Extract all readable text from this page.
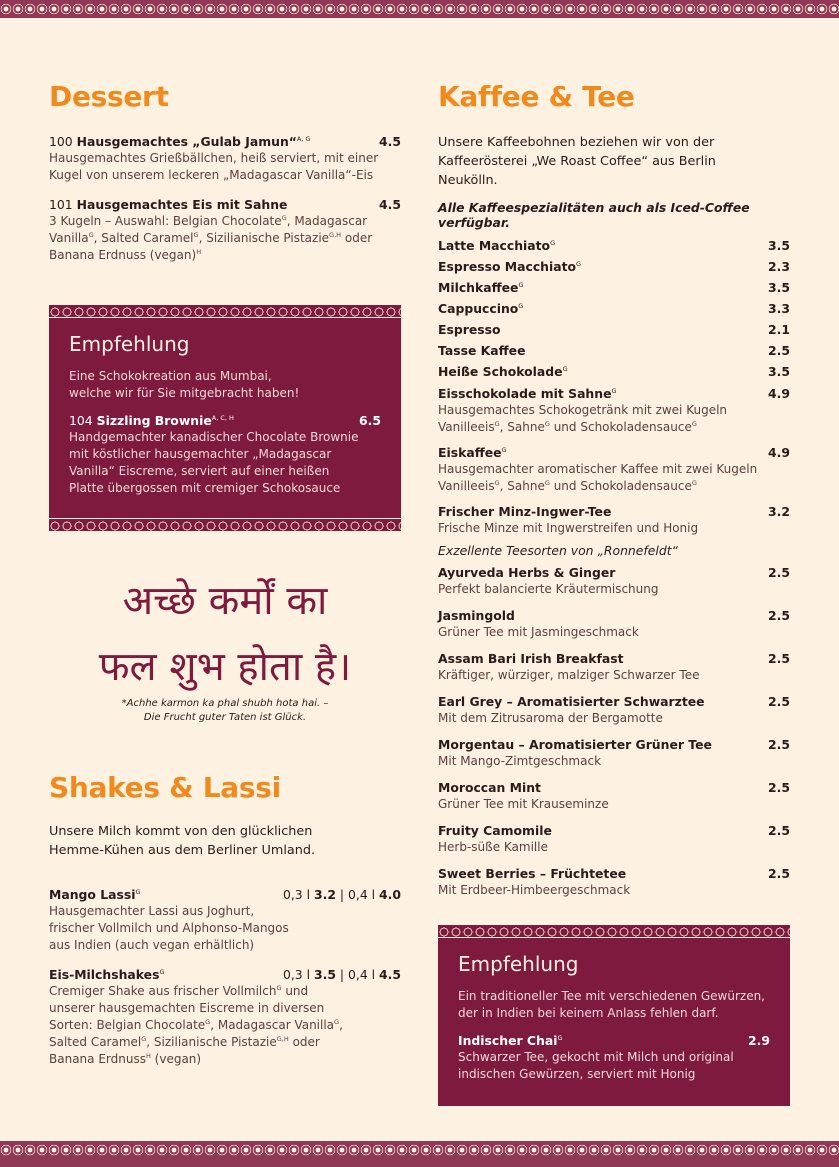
Dessert
100 Hausgemachtes „Gulab Jamun“$^{A, G}$	4.5
Hausgemachtes Grießbällchen, heiß serviert, mit einer Kugel von unserem leckeren „Madagascar Vanilla“-Eis
101 Hausgemachtes Eis mit Sahne	4.5
3 Kugeln – Auswahl: Belgian Chocolate$^G$, Madagascar Vanilla$^G$, Salted Caramel$^G$, Sizilianische Pistazie$^{G,H}$ oder Banana Erdnuss (vegan)$^H$
Empfehlung
Eine Schokokreation aus Mumbai, welche wir für Sie mitgebracht haben!
104 Sizzling Brownie$^{A, C, H}$	6.5
Handgemachter kanadischer Chocolate Brownie mit köstlicher hausgemachter „Madagascar Vanilla“ Eiscreme, serviert auf einer heißen Platte übergossen mit cremiger Schokosauce
अच्छे कर्मों का
फल शुभ होता है।
*Achhe karmon ka phal shubh hota hai. –
Die Frucht guter Taten ist Glück.
Shakes & Lassi
Unsere Milch kommt von den glücklichen Hemme-Kühen aus dem Berliner Umland.
Mango Lassi$^G$	0,3 l 3.2 | 0,4 l 4.0
Hausgemachter Lassi aus Joghurt, frischer Vollmilch und Alphonso-Mangos aus Indien (auch vegan erhältlich)
Eis-Milchshakes$^G$	0,3 l 3.5 | 0,4 l 4.5
Cremiger Shake aus frischer Vollmilch$^G$ und unserer hausgemachten Eiscreme in diversen Sorten: Belgian Chocolate$^G$, Madagascar Vanilla$^G$, Salted Caramel$^G$, Sizilianische Pistazie$^{G,H}$ oder Banana Erdnuss$^H$ (vegan)
Kaffee & Tee
Unsere Kaffeebohnen beziehen wir von der Kaffeerösterei „We Roast Coffee“ aus Berlin Neukölln.
Alle Kaffeespezialitäten auch als Iced-Coffee verfügbar.
Latte Macchiato$^G$	3.5
Espresso Macchiato$^G$	2.3
Milchkaffee$^G$	3.5
Cappuccino$^G$	3.3
Espresso	2.1
Tasse Kaffee	2.5
Heiße Schokolade$^G$	3.5
Eisschokolade mit Sahne$^G$	4.9
Hausgemachtes Schokogetränk mit zwei Kugeln Vanilleeis$^G$, Sahne$^G$ und Schokoladensauce$^G$
Eiskaffee$^G$	4.9
Hausgemachter aromatischer Kaffee mit zwei Kugeln Vanilleeis$^G$, Sahne$^G$ und Schokoladensauce$^G$
Frischer Minz-Ingwer-Tee	3.2
Frische Minze mit Ingwerstreifen und Honig
Exzellente Teesorten von „Ronnefeldt“
Ayurveda Herbs & Ginger	2.5
Perfekt balancierte Kräutermischung
Jasmingold	2.5
Grüner Tee mit Jasmingeschmack
Assam Bari Irish Breakfast	2.5
Kräftiger, würziger, malziger Schwarzer Tee
Earl Grey – Aromatisierter Schwarztee	2.5
Mit dem Zitrusaroma der Bergamotte
Morgentau – Aromatisierter Grüner Tee	2.5
Mit Mango-Zimtgeschmack
Moroccan Mint	2.5
Grüner Tee mit Krauseminze
Fruity Camomile	2.5
Herb-süße Kamille
Sweet Berries – Früchtetee	2.5
Mit Erdbeer-Himbeergeschmack
Empfehlung
Ein traditioneller Tee mit verschiedenen Gewürzen, der in Indien bei keinem Anlass fehlen darf.
Indischer Chai$^G$	2.9
Schwarzer Tee, gekocht mit Milch und original indischen Gewürzen, serviert mit Honig
